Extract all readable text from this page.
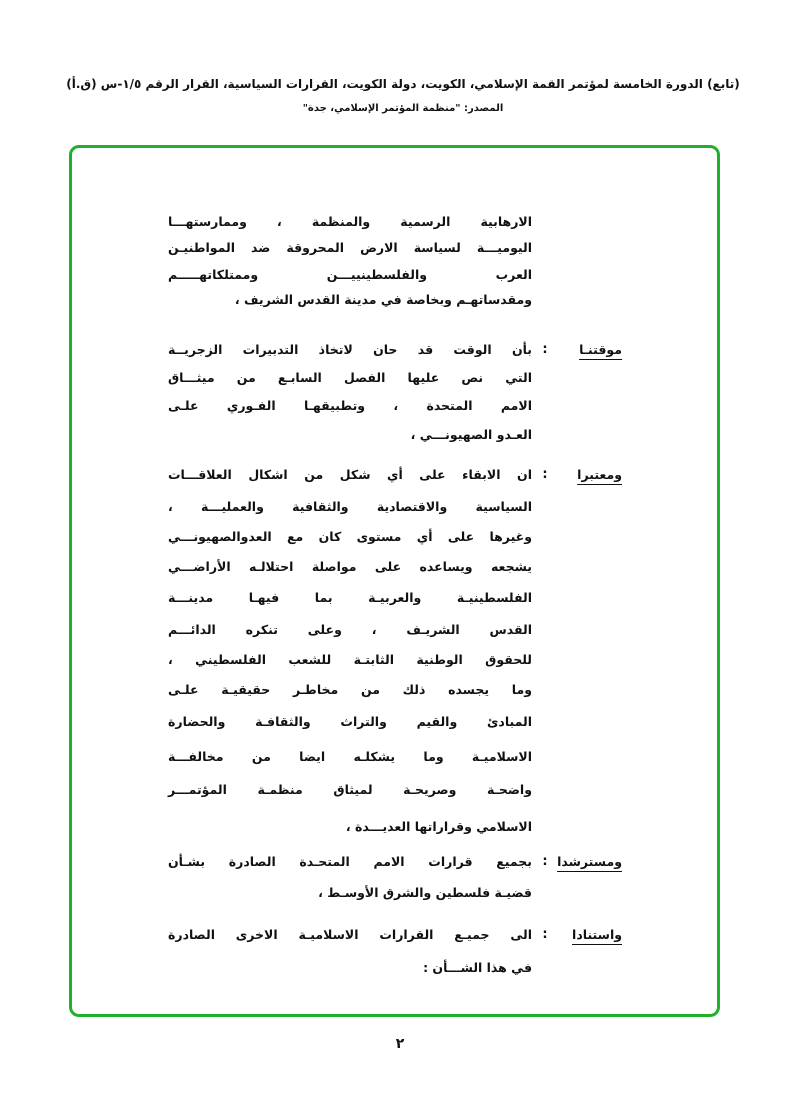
(تابع) الدورة الخامسة لمؤتمر القمة الإسلامي، الكويت، دولة الكويت، القرارات السياسية، القرار الرقم ١/٥-س (ق.أ)
المصدر: "منظمة المؤتمر الإسلامي، جدة"
الارهابية الرسمية والمنظمة ، وممارستهـــا
اليوميـــة لسياسة الارض المحروقة ضد المواطنيـن
العرب والفلسطينييـــن وممتلكاتهـــــم
ومقدساتهـم وبخاصة في مدينة القدس الشريف ،
موقتنـا
:
بأن الوقت قد حان لاتخاذ التدبيرات الزجريــة
التي نص عليها الفصل السابـع من ميثـــاق
الامم المتحدة ، وتطبيقهـا الفـوري علـى
العـدو الصهيونـــي ،
ومعتبرا
:
ان الابقاء على أي شكل من اشكال العلاقـــات
السياسية والاقتصادية والثقافية والعمليـــة ،
وغيرها على أي مستوى كان مع العدوالصهيونـــي
يشجعه ويساعده على مواصلة احتلالـه الأراضـــي
الفلسطينيـة والعربيـة بما فيهـا مدينـــة
القدس الشريـف ، وعلى تنكره الدائـــم
للحقوق الوطنية الثابتـة للشعب الفلسطيني ،
وما يجسده ذلك من مخاطـر حقيقيـة علـى
المبادئ والقيم والتراث والثقافـة والحضارة
الاسلاميـة وما يشكلـه ايضا من مخالفـــة
واضحـة وصريحـة لميثاق منظمـة المؤتمـــر
الاسلامي وقراراتها العديـــدة ،
ومسترشدا
:
بجميع قرارات الامم المتحـدة الصادرة بشـأن
قضيـة فلسطين والشرق الأوسـط ،
واستنادا
:
الى جميـع القرارات الاسلاميـة الاخرى الصادرة
في هذا الشـــأن :
٢
